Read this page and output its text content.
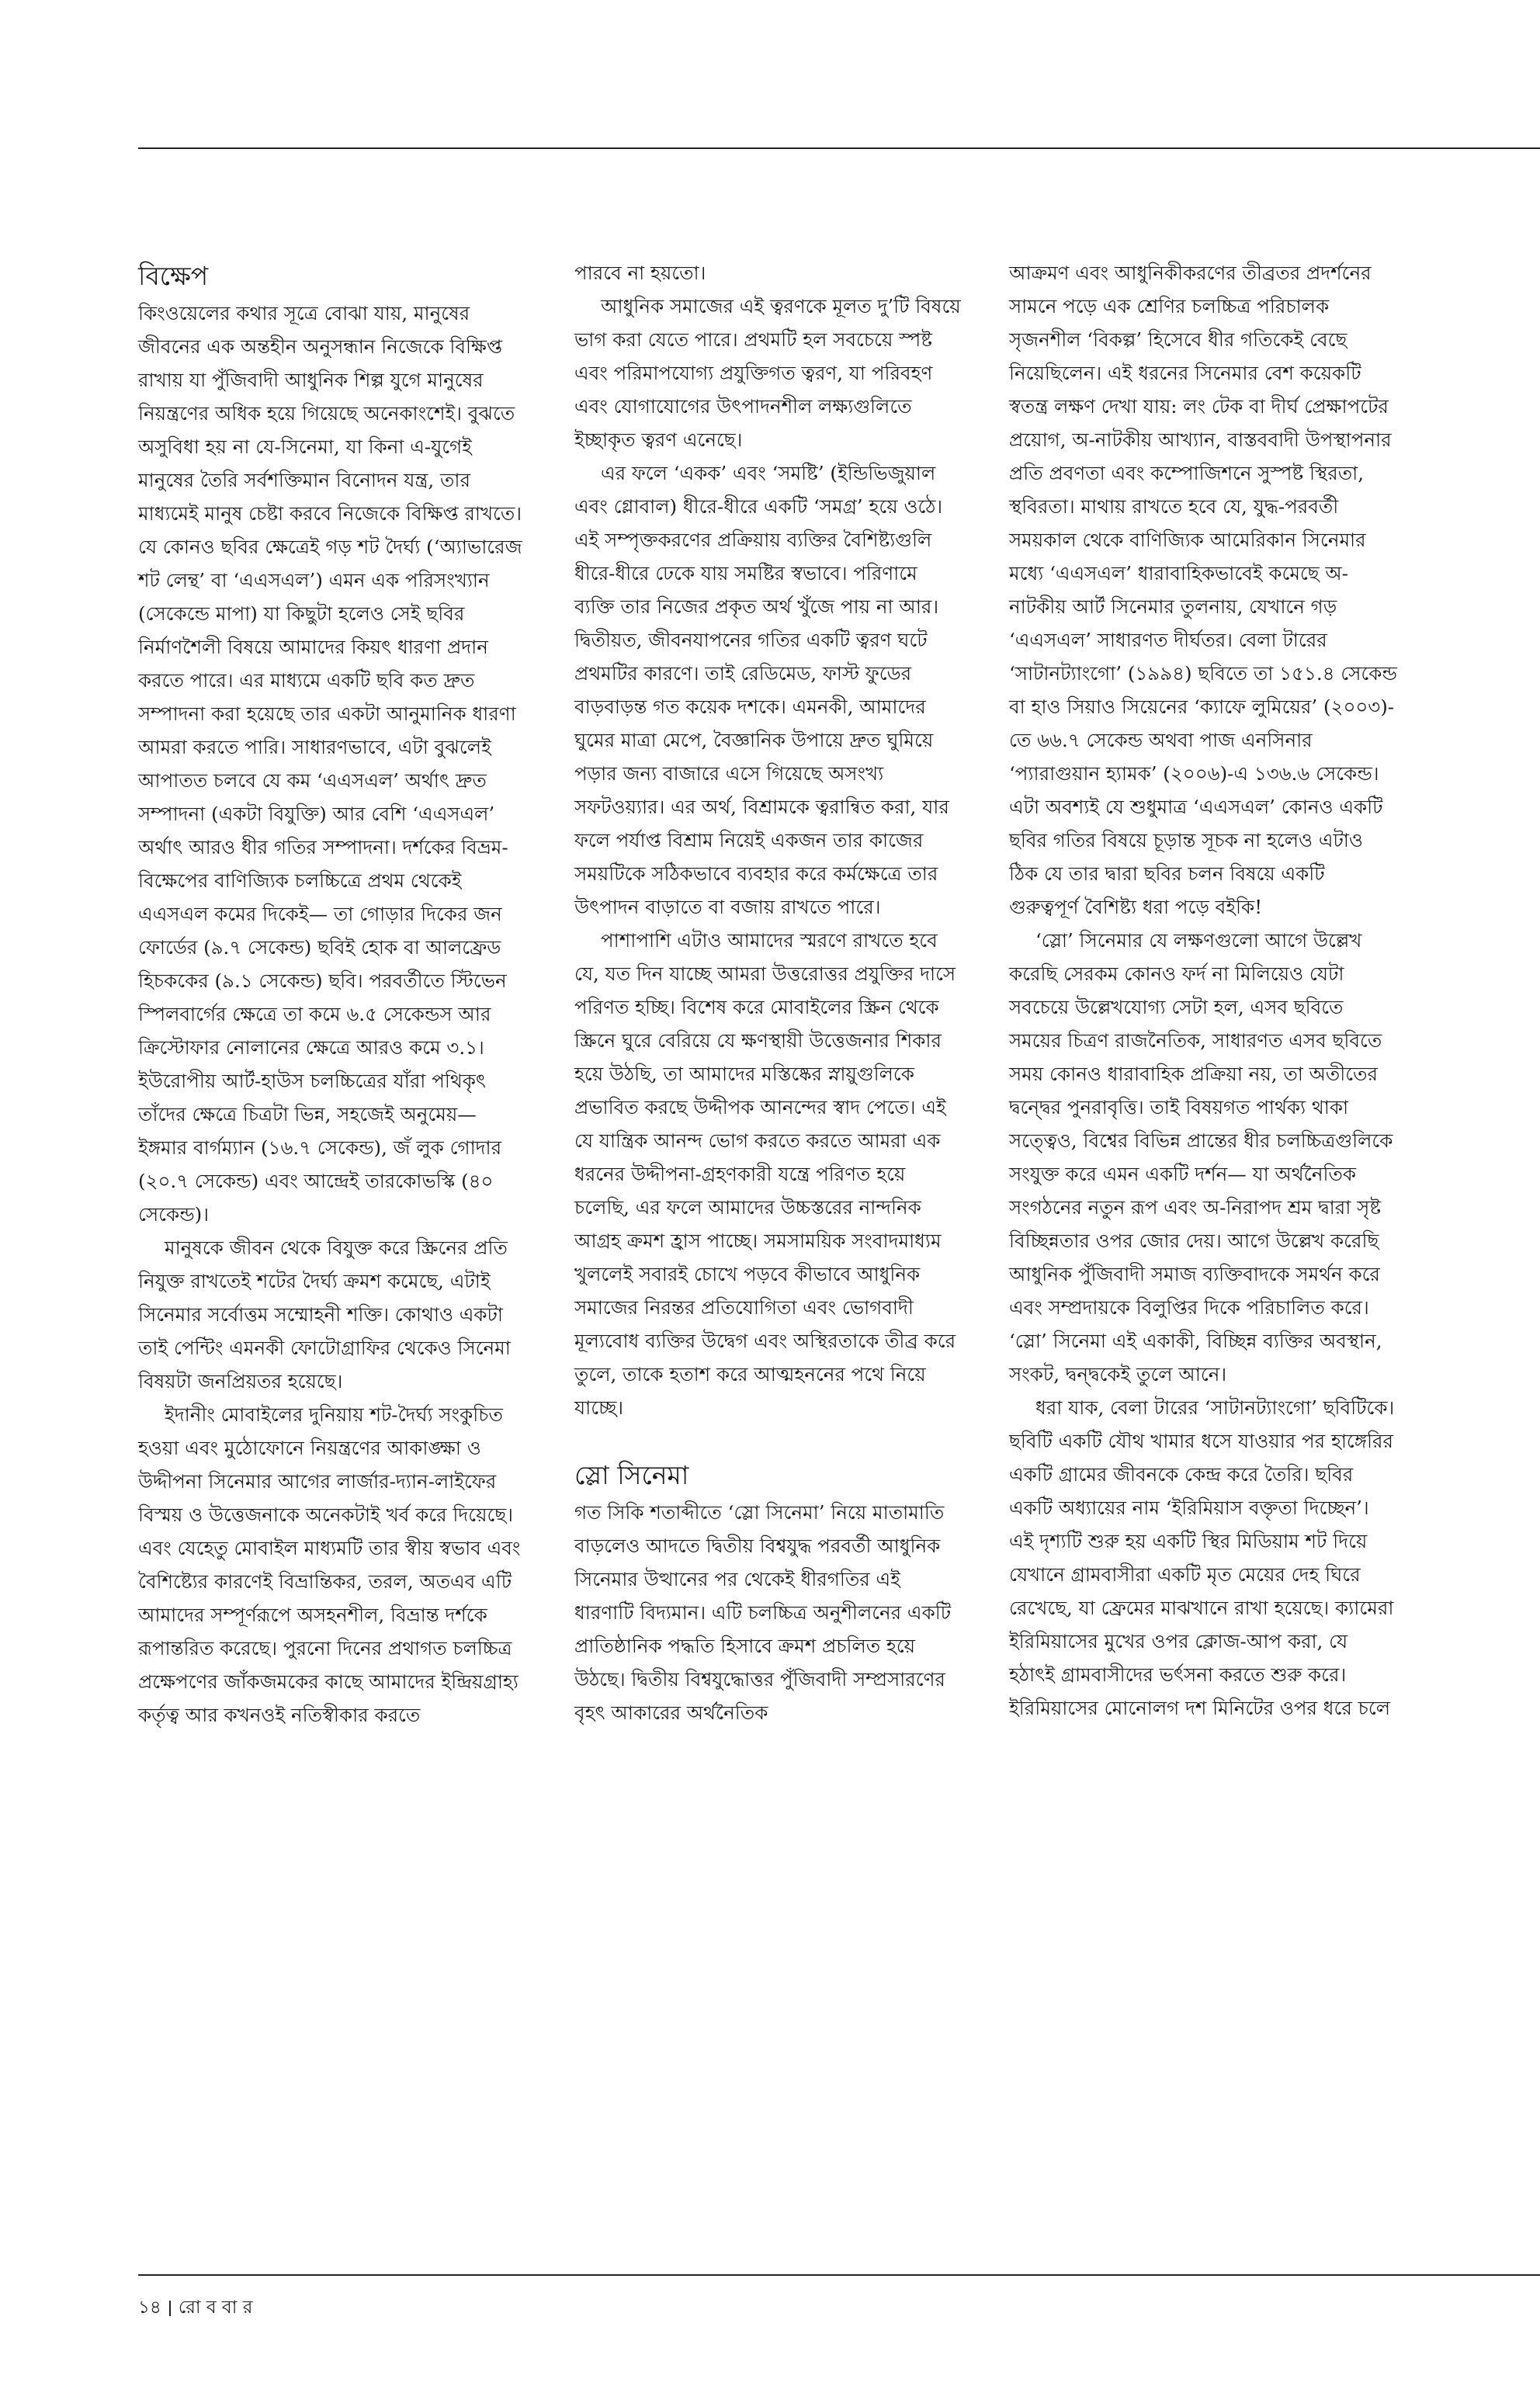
বিক্ষেপ

কিংওয়েলের কথার সূত্রে বোঝা যায়, মানুষের জীবনের এক অন্তহীন অনুসন্ধান নিজেকে বিক্ষিপ্ত রাখায় যা পুঁজিবাদী আধুনিক শিল্প যুগে মানুষের নিয়ন্ত্রণের অধিক হয়ে গিয়েছে অনেকাংশেই। বুঝতে অসুবিধা হয় না যে-সিনেমা, যা কিনা এ-যুগেই মানুষের তৈরি সর্বশক্তিমান বিনোদন যন্ত্র, তার মাধ্যমেই মানুষ চেষ্টা করবে নিজেকে বিক্ষিপ্ত রাখতে। যে কোনও ছবির ক্ষেত্রেই গড় শট দৈর্ঘ্য (‘অ্যাভারেজ শট লেন্থ’ বা ‘এএসএল’) এমন এক পরিসংখ্যান (সেকেন্ডে মাপা) যা কিছুটা হলেও সেই ছবির নির্মাণশৈলী বিষয়ে আমাদের কিয়ৎ ধারণা প্রদান করতে পারে। এর মাধ্যমে একটি ছবি কত দ্রুত সম্পাদনা করা হয়েছে তার একটা আনুমানিক ধারণা আমরা করতে পারি। সাধারণভাবে, এটা বুঝলেই আপাতত চলবে যে কম ‘এএসএল’ অর্থাৎ দ্রুত সম্পাদনা (একটা বিযুক্তি) আর বেশি ‘এএসএল’ অর্থাৎ আরও ধীর গতির সম্পাদনা। দর্শকের বিভ্রম-বিক্ষেপের বাণিজ্যিক চলচ্চিত্রে প্রথম থেকেই এএসএল কমের দিকেই— তা গোড়ার দিকের জন ফোর্ডের (৯.৭ সেকেন্ড) ছবিই হোক বা আলফ্রেড হিচককের (৯.১ সেকেন্ড) ছবি। পরবর্তীতে স্টিভেন স্পিলবার্গের ক্ষেত্রে তা কমে ৬.৫ সেকেন্ডস আর ক্রিস্টোফার নোলানের ক্ষেত্রে আরও কমে ৩.১। ইউরোপীয় আর্ট-হাউস চলচ্চিত্রের যাঁরা পথিকৃৎ তাঁদের ক্ষেত্রে চিত্রটা ভিন্ন, সহজেই অনুমেয়— ইঙ্গমার বার্গম্যান (১৬.৭ সেকেন্ড), জঁ লুক গোদার (২০.৭ সেকেন্ড) এবং আন্দ্রেই তারকোভস্কি (৪০ সেকেন্ড)।

মানুষকে জীবন থেকে বিযুক্ত করে স্ক্রিনের প্রতি নিযুক্ত রাখতেই শটের দৈর্ঘ্য ক্রমশ কমেছে, এটাই সিনেমার সর্বোত্তম সম্মোহনী শক্তি। কোথাও একটা তাই পেন্টিং এমনকী ফোটোগ্রাফির থেকেও সিনেমা বিষয়টা জনপ্রিয়তর হয়েছে।

ইদানীং মোবাইলের দুনিয়ায় শট-দৈর্ঘ্য সংকুচিত হওয়া এবং মুঠোফোনে নিয়ন্ত্রণের আকাঙ্ক্ষা ও উদ্দীপনা সিনেমার আগের লার্জার-দ্যান-লাইফের বিস্ময় ও উত্তেজনাকে অনেকটাই খর্ব করে দিয়েছে। এবং যেহেতু মোবাইল মাধ্যমটি তার স্বীয় স্বভাব এবং বৈশিষ্ট্যের কারণেই বিভ্রান্তিকর, তরল, অতএব এটি আমাদের সম্পূর্ণরূপে অসহনশীল, বিভ্রান্ত দর্শকে রূপান্তরিত করেছে। পুরনো দিনের প্রথাগত চলচ্চিত্র প্রক্ষেপণের জাঁকজমকের কাছে আমাদের ইন্দ্রিয়গ্রাহ্য কর্তৃত্ব আর কখনওই নতিস্বীকার করতে

পারবে না হয়তো।

আধুনিক সমাজের এই ত্বরণকে মূলত দু’টি বিষয়ে ভাগ করা যেতে পারে। প্রথমটি হল সবচেয়ে স্পষ্ট এবং পরিমাপযোগ্য প্রযুক্তিগত ত্বরণ, যা পরিবহণ এবং যোগাযোগের উৎপাদনশীল লক্ষ্যগুলিতে ইচ্ছাকৃত ত্বরণ এনেছে।

এর ফলে ‘একক’ এবং ‘সমষ্টি’ (ইন্ডিভিজুয়াল এবং গ্লোবাল) ধীরে-ধীরে একটি ‘সমগ্র’ হয়ে ওঠে। এই সম্পৃক্তকরণের প্রক্রিয়ায় ব্যক্তির বৈশিষ্ট্যগুলি ধীরে-ধীরে ঢেকে যায় সমষ্টির স্বভাবে। পরিণামে ব্যক্তি তার নিজের প্রকৃত অর্থ খুঁজে পায় না আর। দ্বিতীয়ত, জীবনযাপনের গতির একটি ত্বরণ ঘটে প্রথমটির কারণে। তাই রেডিমেড, ফাস্ট ফুডের বাড়বাড়ন্ত গত কয়েক দশকে। এমনকী, আমাদের ঘুমের মাত্রা মেপে, বৈজ্ঞানিক উপায়ে দ্রুত ঘুমিয়ে পড়ার জন্য বাজারে এসে গিয়েছে অসংখ্য সফটওয়্যার। এর অর্থ, বিশ্রামকে ত্বরান্বিত করা, যার ফলে পর্যাপ্ত বিশ্রাম নিয়েই একজন তার কাজের সময়টিকে সঠিকভাবে ব্যবহার করে কর্মক্ষেত্রে তার উৎপাদন বাড়াতে বা বজায় রাখতে পারে।

পাশাপাশি এটাও আমাদের স্মরণে রাখতে হবে যে, যত দিন যাচ্ছে আমরা উত্তরোত্তর প্রযুক্তির দাসে পরিণত হচ্ছি। বিশেষ করে মোবাইলের স্ক্রিন থেকে স্ক্রিনে ঘুরে বেরিয়ে যে ক্ষণস্থায়ী উত্তেজনার শিকার হয়ে উঠছি, তা আমাদের মস্তিষ্কের স্নায়ুগুলিকে প্রভাবিত করছে উদ্দীপক আনন্দের স্বাদ পেতে। এই যে যান্ত্রিক আনন্দ ভোগ করতে করতে আমরা এক ধরনের উদ্দীপনা-গ্রহণকারী যন্ত্রে পরিণত হয়ে চলেছি, এর ফলে আমাদের উচ্চস্তরের নান্দনিক আগ্রহ ক্রমশ হ্রাস পাচ্ছে। সমসাময়িক সংবাদমাধ্যম খুললেই সবারই চোখে পড়বে কীভাবে আধুনিক সমাজের নিরন্তর প্রতিযোগিতা এবং ভোগবাদী মূল্যবোধ ব্যক্তির উদ্বেগ এবং অস্থিরতাকে তীব্র করে তুলে, তাকে হতাশ করে আত্মহননের পথে নিয়ে যাচ্ছে।

স্লো সিনেমা

গত সিকি শতাব্দীতে ‘স্লো সিনেমা’ নিয়ে মাতামাতি বাড়লেও আদতে দ্বিতীয় বিশ্বযুদ্ধ পরবর্তী আধুনিক সিনেমার উত্থানের পর থেকেই ধীরগতির এই ধারণাটি বিদ্যমান। এটি চলচ্চিত্র অনুশীলনের একটি প্রাতিষ্ঠানিক পদ্ধতি হিসাবে ক্রমশ প্রচলিত হয়ে উঠছে। দ্বিতীয় বিশ্বযুদ্ধোত্তর পুঁজিবাদী সম্প্রসারণের বৃহৎ আকারের অর্থনৈতিক

আক্রমণ এবং আধুনিকীকরণের তীব্রতর প্রদর্শনের সামনে পড়ে এক শ্রেণির চলচ্চিত্র পরিচালক সৃজনশীল ‘বিকল্প’ হিসেবে ধীর গতিকেই বেছে নিয়েছিলেন। এই ধরনের সিনেমার বেশ কয়েকটি স্বতন্ত্র লক্ষণ দেখা যায়: লং টেক বা দীর্ঘ প্রেক্ষাপটের প্রয়োগ, অ-নাটকীয় আখ্যান, বাস্তববাদী উপস্থাপনার প্রতি প্রবণতা এবং কম্পোজিশনে সুস্পষ্ট স্থিরতা, স্থবিরতা। মাথায় রাখতে হবে যে, যুদ্ধ-পরবর্তী সময়কাল থেকে বাণিজ্যিক আমেরিকান সিনেমার মধ্যে ‘এএসএল’ ধারাবাহিকভাবেই কমেছে অ-নাটকীয় আর্ট সিনেমার তুলনায়, যেখানে গড় ‘এএসএল’ সাধারণত দীর্ঘতর। বেলা টারের ‘সাটানট্যাংগো’ (১৯৯৪) ছবিতে তা ১৫১.৪ সেকেন্ড বা হাও সিয়াও সিয়েনের ‘ক্যাফে লুমিয়ের’ (২০০৩)-তে ৬৬.৭ সেকেন্ড অথবা পাজ এনসিনার ‘প্যারাগুয়ান হ্যামক’ (২০০৬)-এ ১৩৬.৬ সেকেন্ড। এটা অবশ্যই যে শুধুমাত্র ‘এএসএল’ কোনও একটি ছবির গতির বিষয়ে চূড়ান্ত সূচক না হলেও এটাও ঠিক যে তার দ্বারা ছবির চলন বিষয়ে একটি গুরুত্বপূর্ণ বৈশিষ্ট্য ধরা পড়ে বইকি!

‘স্লো’ সিনেমার যে লক্ষণগুলো আগে উল্লেখ করেছি সেরকম কোনও ফর্দ না মিলিয়েও যেটা সবচেয়ে উল্লেখযোগ্য সেটা হল, এসব ছবিতে সময়ের চিত্রণ রাজনৈতিক, সাধারণত এসব ছবিতে সময় কোনও ধারাবাহিক প্রক্রিয়া নয়, তা অতীতের দ্বন্দ্বের পুনরাবৃত্তি। তাই বিষয়গত পার্থক্য থাকা সত্ত্বেও, বিশ্বের বিভিন্ন প্রান্তের ধীর চলচ্চিত্রগুলিকে সংযুক্ত করে এমন একটি দর্শন— যা অর্থনৈতিক সংগঠনের নতুন রূপ এবং অ-নিরাপদ শ্রম দ্বারা সৃষ্ট বিচ্ছিন্নতার ওপর জোর দেয়। আগে উল্লেখ করেছি আধুনিক পুঁজিবাদী সমাজ ব্যক্তিবাদকে সমর্থন করে এবং সম্প্রদায়কে বিলুপ্তির দিকে পরিচালিত করে। ‘স্লো’ সিনেমা এই একাকী, বিচ্ছিন্ন ব্যক্তির অবস্থান, সংকট, দ্বন্দ্বকেই তুলে আনে।

ধরা যাক, বেলা টারের ‘সাটানট্যাংগো’ ছবিটিকে। ছবিটি একটি যৌথ খামার ধসে যাওয়ার পর হাঙ্গেরির একটি গ্রামের জীবনকে কেন্দ্র করে তৈরি। ছবির একটি অধ্যায়ের নাম ‘ইরিমিয়াস বক্তৃতা দিচ্ছেন’। এই দৃশ্যটি শুরু হয় একটি স্থির মিডিয়াম শট দিয়ে যেখানে গ্রামবাসীরা একটি মৃত মেয়ের দেহ ঘিরে রেখেছে, যা ফ্রেমের মাঝখানে রাখা হয়েছে। ক্যামেরা ইরিমিয়াসের মুখের ওপর ক্লোজ-আপ করা, যে হঠাৎই গ্রামবাসীদের ভর্ৎসনা করতে শুরু করে। ইরিমিয়াসের মোনোলগ দশ মিনিটের ওপর ধরে চলে

১৪ রো ব বা র
